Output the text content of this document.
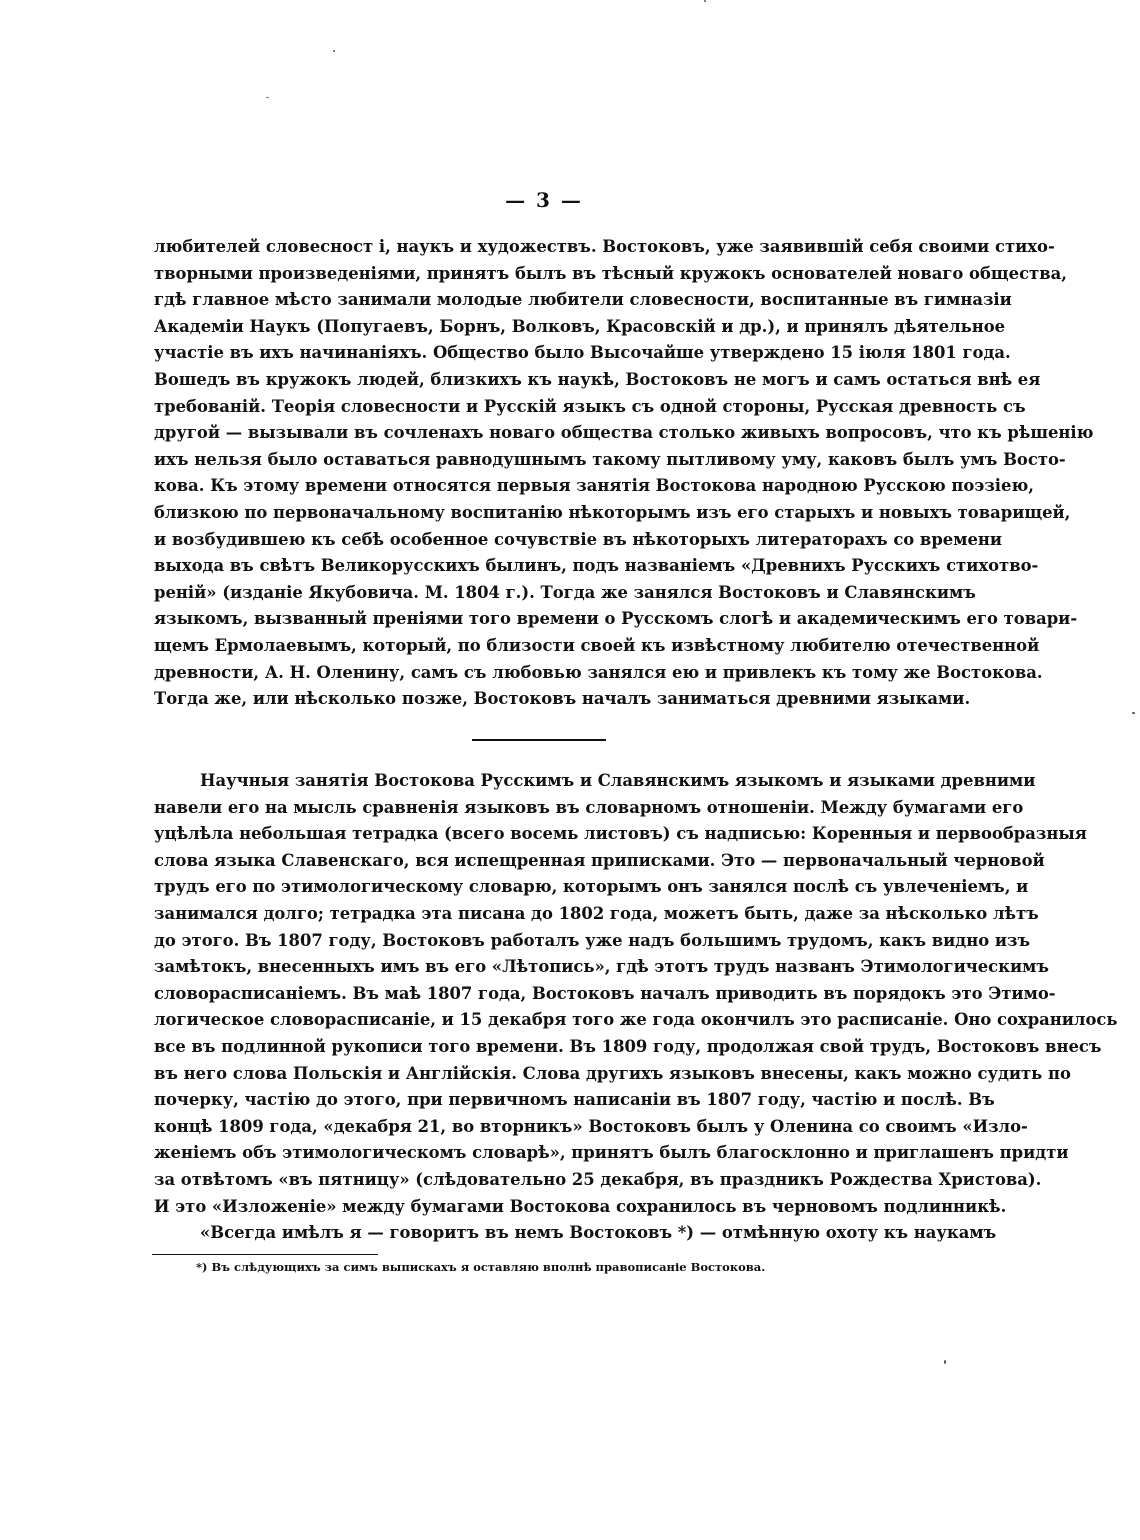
— 3 —
любителей словесност і, наукъ и художествъ. Востоковъ, уже заявившій себя своими стихо-
творными произведеніями, принятъ былъ въ тѣсный кружокъ основателей новаго общества,
гдѣ главное мѣсто занимали молодые любители словесности, воспитанные въ гимназіи
Академіи Наукъ (Попугаевъ, Борнъ, Волковъ, Красовскій и др.), и принялъ дѣятельное
участіе въ ихъ начинаніяхъ. Общество было Высочайше утверждено 15 іюля 1801 года.
Вошедъ въ кружокъ людей, близкихъ къ наукѣ, Востоковъ не могъ и самъ остаться внѣ ея
требованій. Теорія словесности и Русскій языкъ съ одной стороны, Русская древность съ
другой — вызывали въ сочленахъ новаго общества столько живыхъ вопросовъ, что къ рѣшенію
ихъ нельзя было оставаться равнодушнымъ такому пытливому уму, каковъ былъ умъ Восто-
кова. Къ этому времени относятся первыя занятія Востокова народною Русскою поэзіею,
близкою по первоначальному воспитанію нѣкоторымъ изъ его старыхъ и новыхъ товарищей,
и возбудившею къ себѣ особенное сочувствіе въ нѣкоторыхъ литераторахъ со времени
выхода въ свѣтъ Великорусскихъ былинъ, подъ названіемъ «Древнихъ Русскихъ стихотво-
реній» (изданіе Якубовича. М. 1804 г.). Тогда же занялся Востоковъ и Славянскимъ
языкомъ, вызванный преніями того времени о Русскомъ слогѣ и академическимъ его товари-
щемъ Ермолаевымъ, который, по близости своей къ извѣстному любителю отечественной
древности, А. Н. Оленину, самъ съ любовью занялся ею и привлекъ къ тому же Востокова.
Тогда же, или нѣсколько позже, Востоковъ началъ заниматься древними языками.
Научныя занятія Востокова Русскимъ и Славянскимъ языкомъ и языками древними
навели его на мысль сравненія языковъ въ словарномъ отношеніи. Между бумагами его
уцѣлѣла небольшая тетрадка (всего восемь листовъ) съ надписью: Коренныя и первообразныя
слова языка Славенскаго, вся испещренная приписками. Это — первоначальный черновой
трудъ его по этимологическому словарю, которымъ онъ занялся послѣ съ увлеченіемъ, и
занимался долго; тетрадка эта писана до 1802 года, можетъ быть, даже за нѣсколько лѣтъ
до этого. Въ 1807 году, Востоковъ работалъ уже надъ большимъ трудомъ, какъ видно изъ
замѣтокъ, внесенныхъ имъ въ его «Лѣтопись», гдѣ этотъ трудъ названъ Этимологическимъ
словорасписаніемъ. Въ маѣ 1807 года, Востоковъ началъ приводить въ порядокъ это Этимо-
логическое словорасписаніе, и 15 декабря того же года окончилъ это расписаніе. Оно сохранилось
все въ подлинной рукописи того времени. Въ 1809 году, продолжая свой трудъ, Востоковъ внесъ
въ него слова Польскія и Англійскія. Слова другихъ языковъ внесены, какъ можно судить по
почерку, частію до этого, при первичномъ написаніи въ 1807 году, частію и послѣ. Въ
концѣ 1809 года, «декабря 21, во вторникъ» Востоковъ былъ у Оленина со своимъ «Изло-
женіемъ объ этимологическомъ словарѣ», принятъ былъ благосклонно и приглашенъ придти
за отвѣтомъ «въ пятницу» (слѣдовательно 25 декабря, въ праздникъ Рождества Христова).
И это «Изложеніе» между бумагами Востокова сохранилось въ черновомъ подлинникѣ.
«Всегда имѣлъ я — говоритъ въ немъ Востоковъ *) — отмѣнную охоту къ наукамъ
*) Въ слѣдующихъ за симъ выпискахъ я оставляю вполнѣ правописаніе Востокова.
